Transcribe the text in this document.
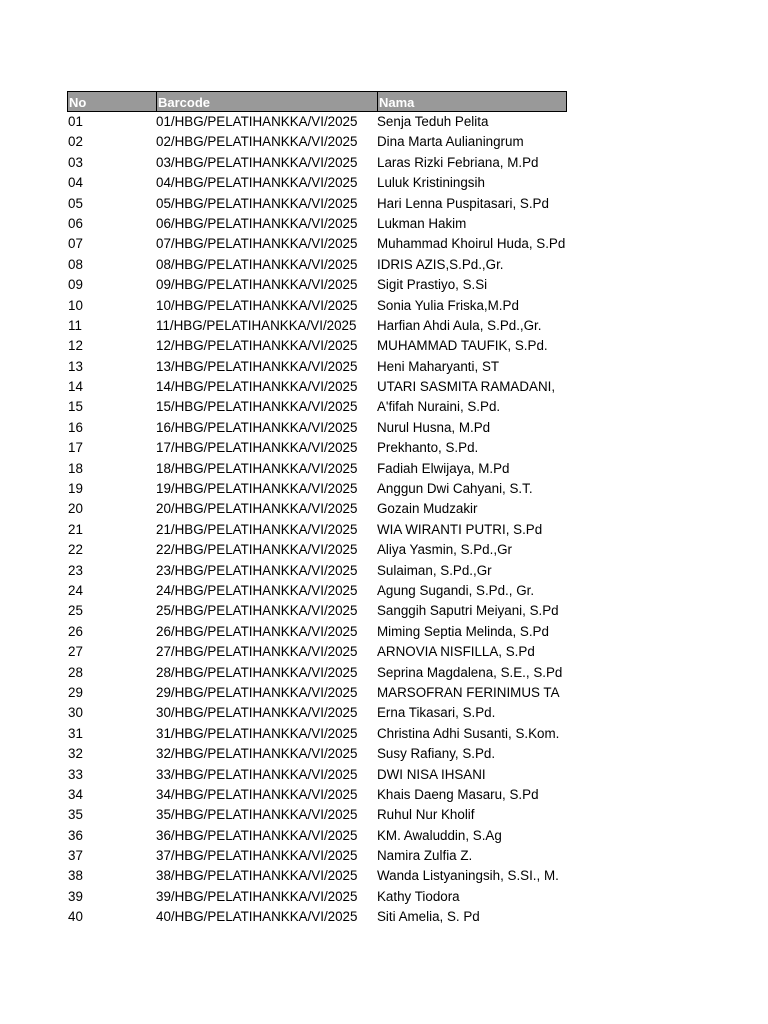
No	Barcode	Nama
01	01/HBG/PELATIHANKKA/VI/2025	Senja Teduh Pelita
02	02/HBG/PELATIHANKKA/VI/2025	Dina Marta Aulianingrum
03	03/HBG/PELATIHANKKA/VI/2025	Laras Rizki Febriana, M.Pd
04	04/HBG/PELATIHANKKA/VI/2025	Luluk Kristiningsih
05	05/HBG/PELATIHANKKA/VI/2025	Hari Lenna Puspitasari, S.Pd
06	06/HBG/PELATIHANKKA/VI/2025	Lukman Hakim
07	07/HBG/PELATIHANKKA/VI/2025	Muhammad Khoirul Huda, S.Pd
08	08/HBG/PELATIHANKKA/VI/2025	IDRIS AZIS,S.Pd.,Gr.
09	09/HBG/PELATIHANKKA/VI/2025	Sigit Prastiyo, S.Si
10	10/HBG/PELATIHANKKA/VI/2025	Sonia Yulia Friska,M.Pd
11	11/HBG/PELATIHANKKA/VI/2025	Harfian Ahdi Aula, S.Pd.,Gr.
12	12/HBG/PELATIHANKKA/VI/2025	MUHAMMAD TAUFIK, S.Pd.
13	13/HBG/PELATIHANKKA/VI/2025	Heni Maharyanti, ST
14	14/HBG/PELATIHANKKA/VI/2025	UTARI SASMITA RAMADANI,
15	15/HBG/PELATIHANKKA/VI/2025	A'fifah Nuraini, S.Pd.
16	16/HBG/PELATIHANKKA/VI/2025	Nurul Husna, M.Pd
17	17/HBG/PELATIHANKKA/VI/2025	Prekhanto, S.Pd.
18	18/HBG/PELATIHANKKA/VI/2025	Fadiah Elwijaya, M.Pd
19	19/HBG/PELATIHANKKA/VI/2025	Anggun Dwi Cahyani, S.T.
20	20/HBG/PELATIHANKKA/VI/2025	Gozain Mudzakir
21	21/HBG/PELATIHANKKA/VI/2025	WIA WIRANTI PUTRI, S.Pd
22	22/HBG/PELATIHANKKA/VI/2025	Aliya Yasmin, S.Pd.,Gr
23	23/HBG/PELATIHANKKA/VI/2025	Sulaiman, S.Pd.,Gr
24	24/HBG/PELATIHANKKA/VI/2025	Agung Sugandi, S.Pd., Gr.
25	25/HBG/PELATIHANKKA/VI/2025	Sanggih Saputri Meiyani, S.Pd
26	26/HBG/PELATIHANKKA/VI/2025	Miming Septia Melinda, S.Pd
27	27/HBG/PELATIHANKKA/VI/2025	ARNOVIA NISFILLA, S.Pd
28	28/HBG/PELATIHANKKA/VI/2025	Seprina Magdalena, S.E., S.Pd
29	29/HBG/PELATIHANKKA/VI/2025	MARSOFRAN FERINIMUS TA
30	30/HBG/PELATIHANKKA/VI/2025	Erna Tikasari, S.Pd.
31	31/HBG/PELATIHANKKA/VI/2025	Christina Adhi Susanti, S.Kom.
32	32/HBG/PELATIHANKKA/VI/2025	Susy Rafiany, S.Pd.
33	33/HBG/PELATIHANKKA/VI/2025	DWI NISA IHSANI
34	34/HBG/PELATIHANKKA/VI/2025	Khais Daeng Masaru, S.Pd
35	35/HBG/PELATIHANKKA/VI/2025	Ruhul Nur Kholif
36	36/HBG/PELATIHANKKA/VI/2025	KM. Awaluddin, S.Ag
37	37/HBG/PELATIHANKKA/VI/2025	Namira Zulfia Z.
38	38/HBG/PELATIHANKKA/VI/2025	Wanda Listyaningsih, S.SI., M.
39	39/HBG/PELATIHANKKA/VI/2025	Kathy Tiodora
40	40/HBG/PELATIHANKKA/VI/2025	Siti Amelia, S. Pd
